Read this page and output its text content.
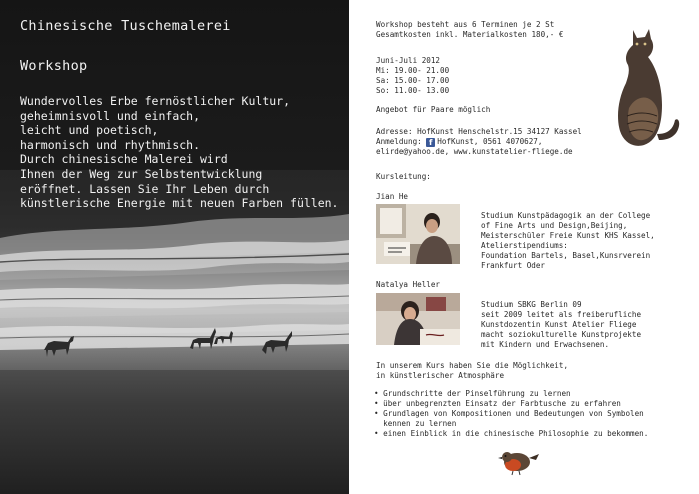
Chinesische Tuschemalerei
Workshop
Wundervolles Erbe fernöstlicher Kultur,
geheimnisvoll und einfach,
leicht und poetisch,
harmonisch und rhythmisch.
Durch chinesische Malerei wird
Ihnen der Weg zur Selbstentwicklung
eröffnet. Lassen Sie Ihr Leben durch
künstlerische Energie mit neuen Farben füllen.
Workshop besteht aus 6 Terminen je 2 St
Gesamtkosten inkl. Materialkosten 180,- €
Juni-Juli 2012
Mi: 19.00- 21.00
Sa: 15.00- 17.00
So: 11.00- 13.00
Angebot für Paare möglich
Adresse: HofKunst Henschelstr.15 34127 Kassel
Anmeldung: f HofKunst, 0561 4070627,
elirde@yahoo.de, www.kunstatelier-fliege.de
Kursleitung:
Jian He
Studium Kunstpädagogik an der College
of Fine Arts und Design,Beijing,
Meisterschüler Freie Kunst KHS Kassel,
Atelierstipendiums:
Foundation Bartels, Basel,Kunsrverein
Frankfurt Oder
Natalya Heller
Studium SBKG Berlin 09
seit 2009 leitet als freiberufliche
Kunstdozentin Kunst Atelier Fliege
macht soziokulturelle Kunstprojekte
mit Kindern und Erwachsenen.
In unserem Kurs haben Sie die Möglichkeit,
in künstlerischer Atmosphäre
• Grundschritte der Pinselführung zu lernen
• über unbegrenzten Einsatz der Farbtusche zu erfahren
• Grundlagen von Kompositionen und Bedeutungen von Symbolen
kennen zu lernen
• einen Einblick in die chinesische Philosophie zu bekommen.
